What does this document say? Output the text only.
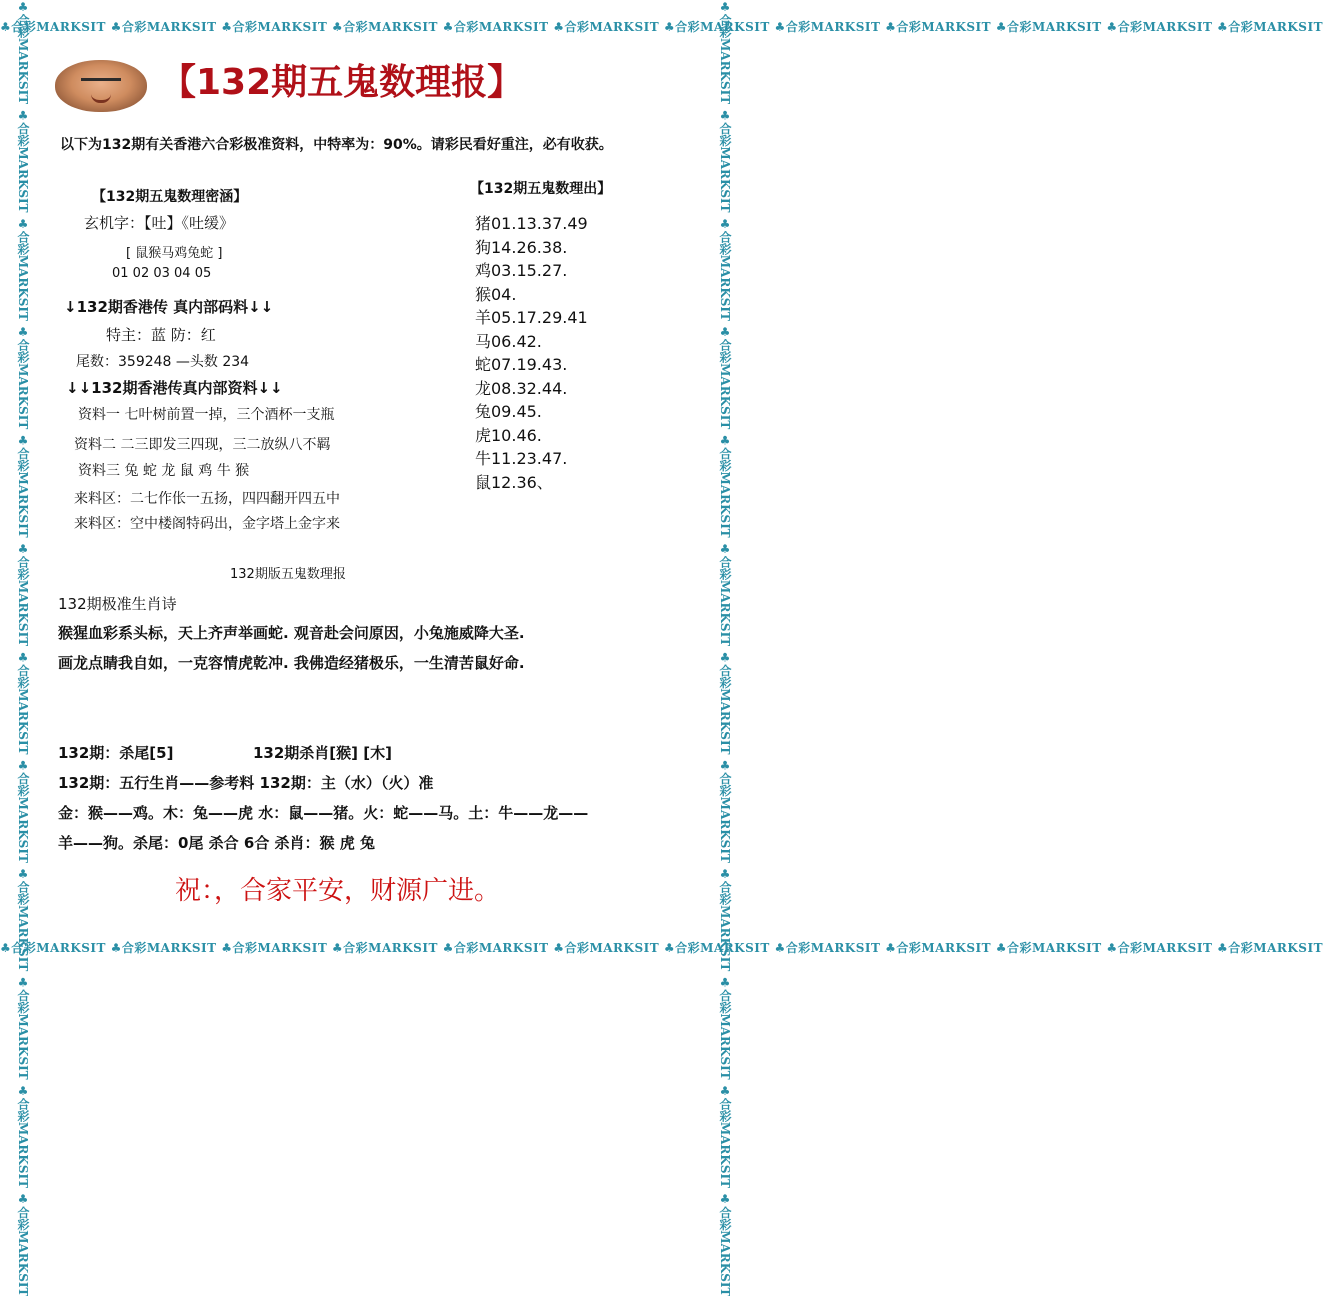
♣合彩MARKSIT ♣合彩MARKSIT ♣合彩MARKSIT ♣合彩MARKSIT ♣合彩MARKSIT ♣合彩MARKSIT ♣合彩MARKSIT ♣合彩MARKSIT ♣合彩MARKSIT ♣合彩MARKSIT ♣合彩MARKSIT ♣合彩MARKSIT
♣合彩MARKSIT ♣合彩MARKSIT ♣合彩MARKSIT ♣合彩MARKSIT ♣合彩MARKSIT ♣合彩MARKSIT ♣合彩MARKSIT ♣合彩MARKSIT ♣合彩MARKSIT ♣合彩MARKSIT ♣合彩MARKSIT ♣合彩MARKSIT
♣合彩MARKSIT ♣合彩MARKSIT ♣合彩MARKSIT ♣合彩MARKSIT ♣合彩MARKSIT ♣合彩MARKSIT ♣合彩MARKSIT ♣合彩MARKSIT ♣合彩MARKSIT ♣合彩MARKSIT ♣合彩MARKSIT ♣合彩MARKSIT	♣合彩MARKSIT ♣合彩MARKSIT ♣合彩MARKSIT ♣合彩MARKSIT ♣合彩MARKSIT ♣合彩MARKSIT ♣合彩MARKSIT ♣合彩MARKSIT ♣合彩MARKSIT ♣合彩MARKSIT ♣合彩MARKSIT ♣合彩MARKSIT
【132期五鬼数理报】
以下为132期有关香港六合彩极准资料，中特率为：90%。请彩民看好重注，必有收获。
【132期五鬼数理密涵】
玄机字：【吐】《吐缓》
[ 鼠猴马鸡兔蛇 ]
01 02 03 04 05
↓132期香港传 真内部码料↓↓
特主：蓝 防：红
尾数：359248 —头数 234
↓↓132期香港传真内部资料↓↓
资料一 七叶树前置一掉，三个酒杯一支瓶
资料二 二三即发三四现，三二放纵八不羁
资料三 兔 蛇 龙 鼠 鸡 牛 猴
来料区：二七作伥一五扬，四四翻开四五中
来料区：空中楼阁特码出，金字塔上金字来
【132期五鬼数理出】
猪01.13.37.49
狗14.26.38.
鸡03.15.27.
猴04.
羊05.17.29.41
马06.42.
蛇07.19.43.
龙08.32.44.
兔09.45.
虎10.46.
牛11.23.47.
鼠12.36、
132期版五鬼数理报
132期极准生肖诗
猴猩血彩系头标，天上齐声举画蛇. 观音赴会问原因，小兔施威降大圣.
画龙点睛我自如，一克容情虎乾冲. 我佛造经猪极乐，一生清苦鼠好命.
132期：杀尾[5]	132期杀肖[猴] [木]
132期：五行生肖——参考料 132期：主（水）（火）准
金：猴——鸡。木：兔——虎 水：鼠——猪。火：蛇——马。土：牛——龙——
羊——狗。杀尾：0尾 杀合 6合 杀肖：猴 虎 兔
祝：，合家平安，财源广进。
